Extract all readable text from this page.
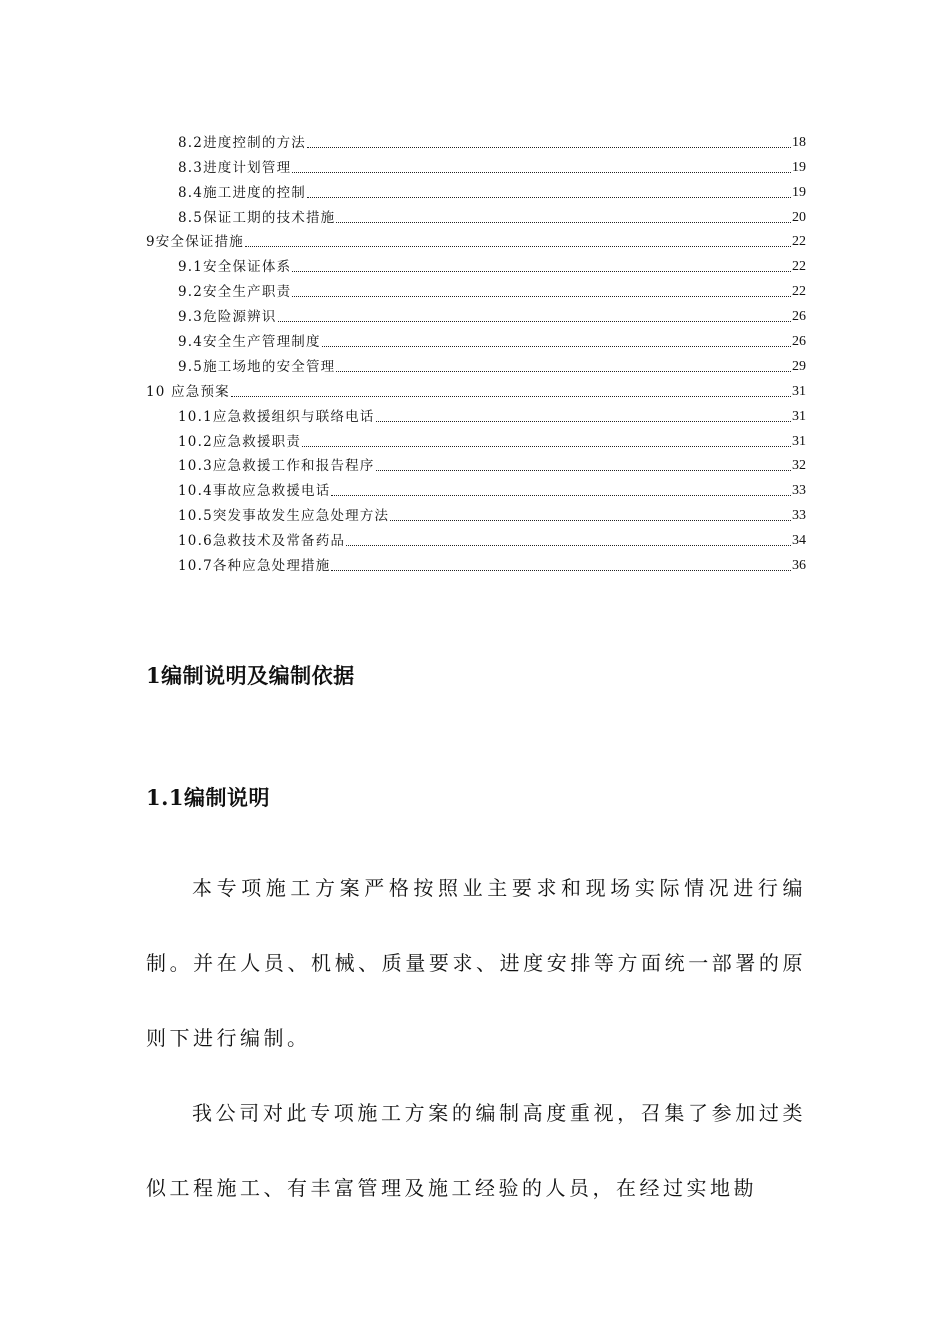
8.2进度控制的方法	18
8.3进度计划管理	19
8.4施工进度的控制	19
8.5保证工期的技术措施	20
9安全保证措施	22
9.1安全保证体系	22
9.2安全生产职责	22
9.3危险源辨识	26
9.4安全生产管理制度	26
9.5施工场地的安全管理	29
10 应急预案	31
10.1应急救援组织与联络电话	31
10.2应急救援职责	31
10.3应急救援工作和报告程序	32
10.4事故应急救援电话	33
10.5突发事故发生应急处理方法	33
10.6急救技术及常备药品	34
10.7各种应急处理措施	36
1编制说明及编制依据
1.1编制说明

本专项施工方案严格按照业主要求和现场实际情况进行编制。并在人员、机械、质量要求、进度安排等方面统一部署的原则下进行编制。

我公司对此专项施工方案的编制高度重视，召集了参加过类似工程施工、有丰富管理及施工经验的人员，在经过实地勘
